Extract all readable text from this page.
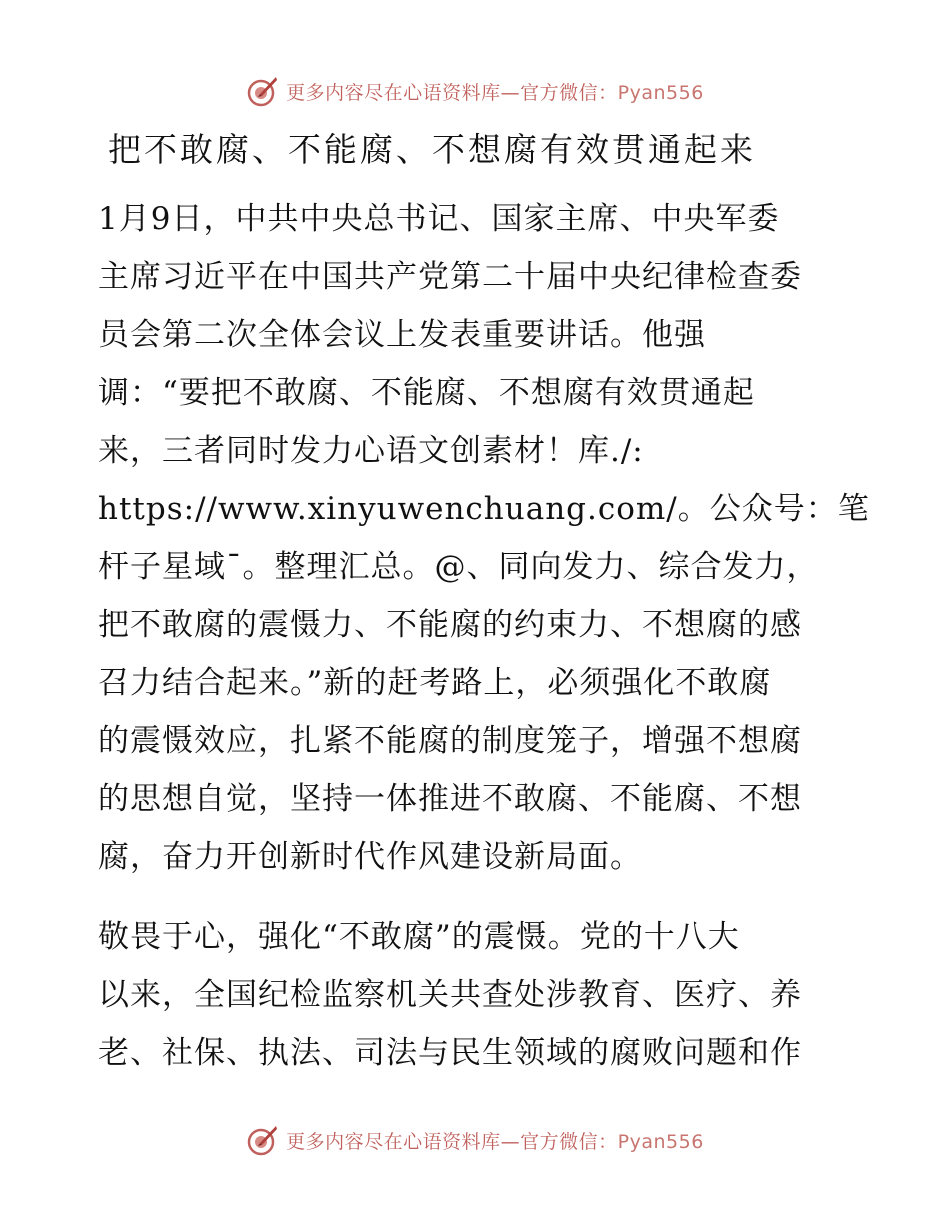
更多内容尽在心语资料库—官方微信：Pyan556
把不敢腐、不能腐、不想腐有效贯通起来
1月9日，中共中央总书记、国家主席、中央军委
主席习近平在中国共产党第二十届中央纪律检查委
员会第二次全体会议上发表重要讲话。他强
调：“要把不敢腐、不能腐、不想腐有效贯通起
来，三者同时发力心语文创素材！库./:
https://www.xinyuwenchuang.com/。公众号：笔
杆子星域¯。整理汇总。@、同向发力、综合发力，
把不敢腐的震慑力、不能腐的约束力、不想腐的感
召力结合起来。”新的赶考路上，必须强化不敢腐
的震慑效应，扎紧不能腐的制度笼子，增强不想腐
的思想自觉，坚持一体推进不敢腐、不能腐、不想
腐，奋力开创新时代作风建设新局面。
敬畏于心，强化“不敢腐”的震慑。党的十八大
以来，全国纪检监察机关共查处涉教育、医疗、养
老、社保、执法、司法与民生领域的腐败问题和作
更多内容尽在心语资料库—官方微信：Pyan556
